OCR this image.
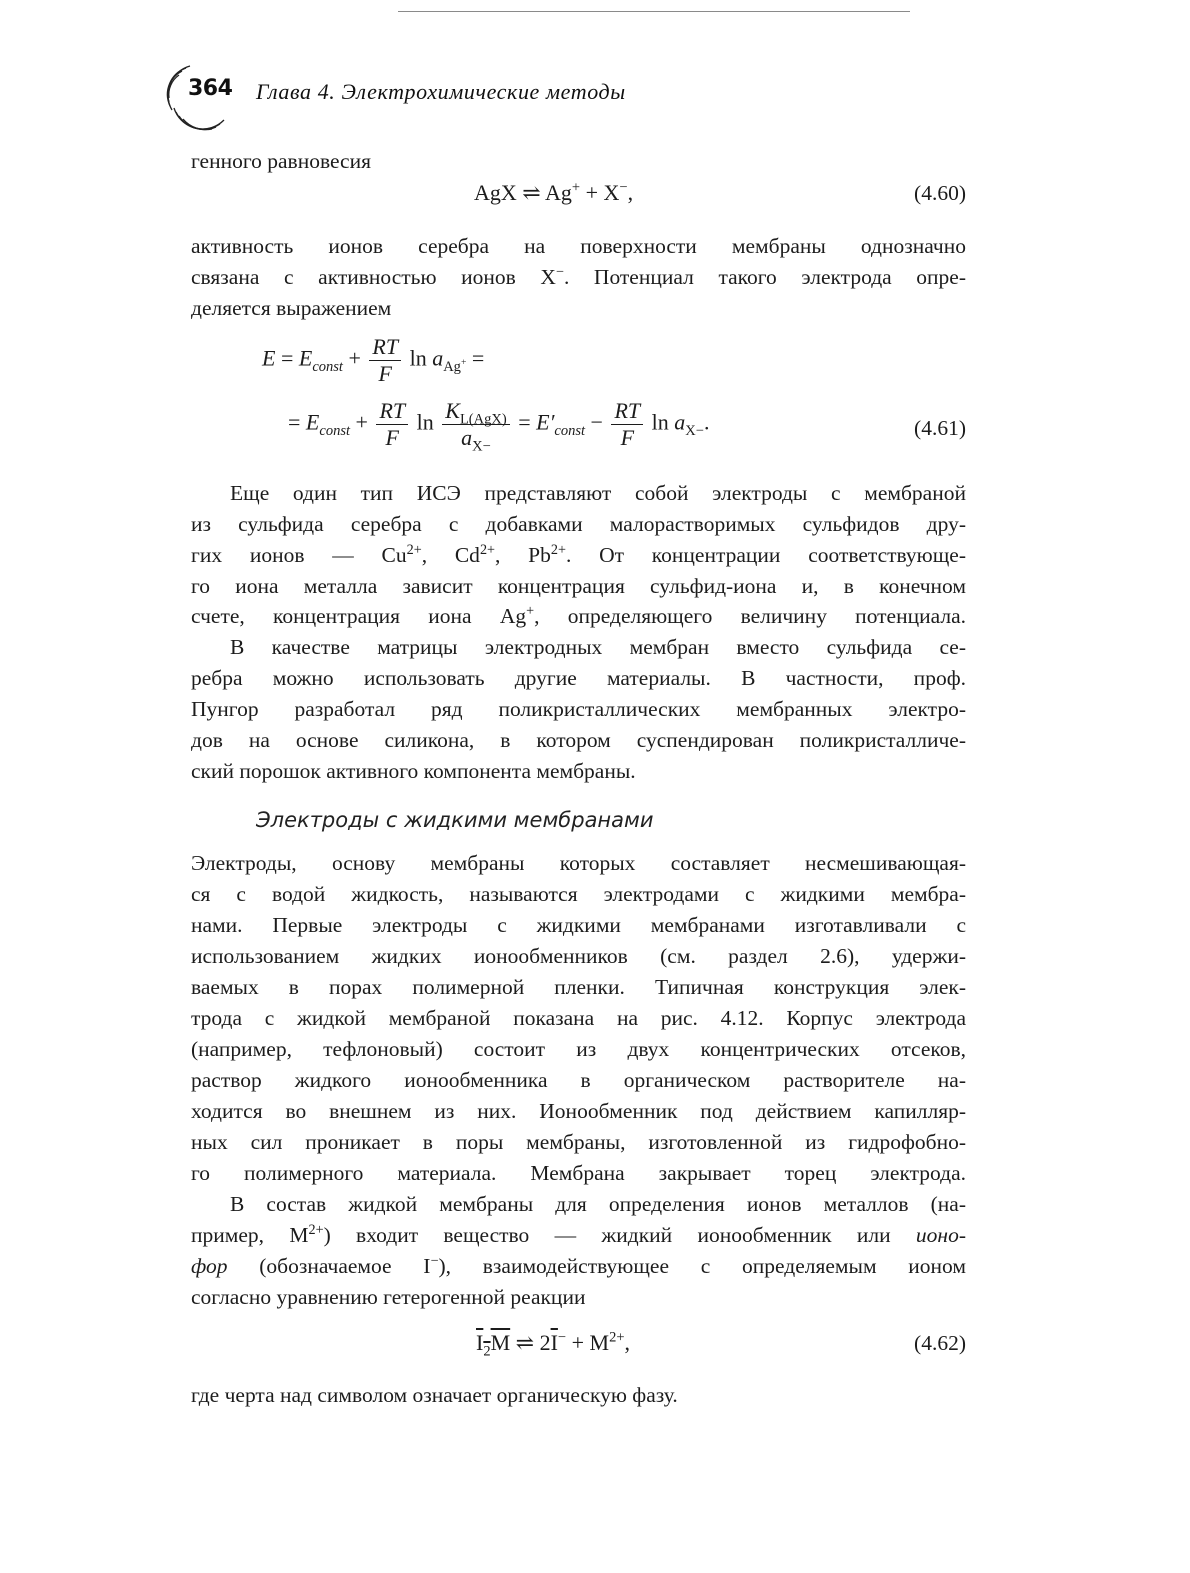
364 Глава 4. Электрохимические методы
генного равновесия
AgX ⇌ Ag+ + X−,	(4.60)
активность ионов серебра на поверхности мембраны однозначно
связана с активностью ионов X−. Потенциал такого электрода опре-
деляется выражением
$E = E_{const} + \frac{RT}{F}$ $\ln a_{Ag^+}$ =
= $E_{const} + \frac{RT}{F}$ $\ln \frac{K_{L(AgX)}}{a_{X-}} = E'_{const} - \frac{RT}{F}$ $\ln a_{X-}$.	(4.61)
Еще один тип ИСЭ представляют собой электроды с мембраной
из сульфида серебра с добавками малорастворимых сульфидов дру-
гих ионов — $Cu^{2+}$, $Cd^{2+}$, $Pb^{2+}$. От концентрации соответствующе-
го иона металла зависит концентрация сульфид-иона и, в конечном
счете, концентрация иона Ag+, определяющего величину потенциала.
В качестве матрицы электродных мембран вместо сульфида се-
ребра можно использовать другие материалы. В частности, проф.
Пунгор разработал ряд поликристаллических мембранных электро-
дов на основе силикона, в котором суспендирован поликристалличе-
ский порошок активного компонента мембраны.
Электроды с жидкими мембранами
Электроды, основу мембраны которых составляет несмешивающая-
ся с водой жидкость, называются электродами с жидкими мембра-
нами. Первые электроды с жидкими мембранами изготавливали с
использованием жидких ионообменников (см. раздел 2.6), удержи-
ваемых в порах полимерной пленки. Типичная конструкция элек-
трода с жидкой мембраной показана на рис. 4.12. Корпус электрода
(например, тефлоновый) состоит из двух концентрических отсеков,
раствор жидкого ионообменника в органическом растворителе на-
ходится во внешнем из них. Ионообменник под действием капилляр-
ных сил проникает в поры мембраны, изготовленной из гидрофобно-
го полимерного материала. Мембрана закрывает торец электрода.
В состав жидкой мембраны для определения ионов металлов (на-
пример, $M^{2+}$) входит вещество — жидкий ионообменник или ионо-
фор (обозначаемое I−), взаимодействующее с определяемым ионом
согласно уравнению гетерогенной реакции
$I_2M$ ⇌ $2\overline{I}^- + M^{2+}$,	(4.62)
где черта над символом означает органическую фазу.
